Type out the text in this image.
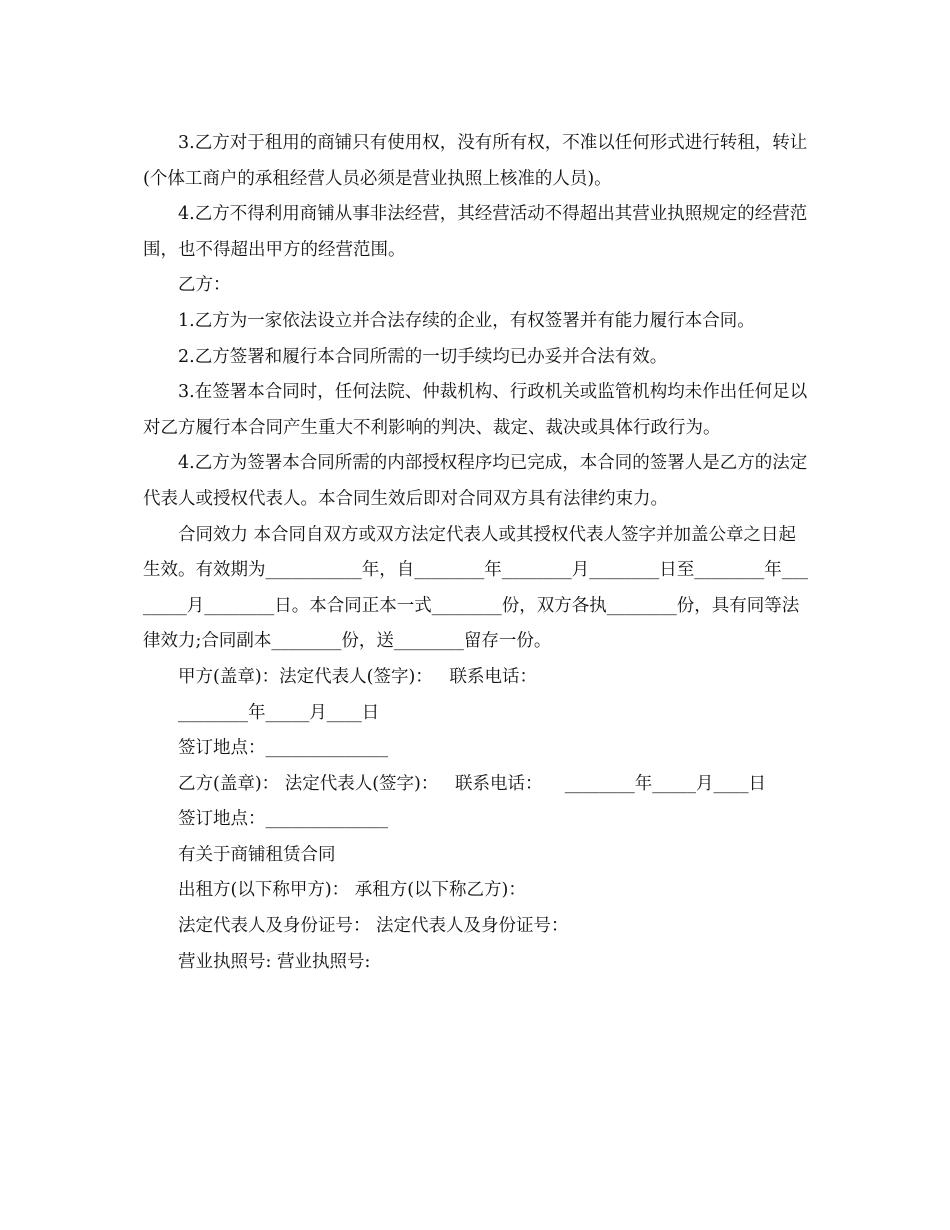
3.乙方对于租用的商铺只有使用权，没有所有权，不准以任何形式进行转租，转让(个体工商户的承租经营人员必须是营业执照上核准的人员)。

4.乙方不得利用商铺从事非法经营，其经营活动不得超出其营业执照规定的经营范围，也不得超出甲方的经营范围。

乙方：

1.乙方为一家依法设立并合法存续的企业，有权签署并有能力履行本合同。

2.乙方签署和履行本合同所需的一切手续均已办妥并合法有效。

3.在签署本合同时，任何法院、仲裁机构、行政机关或监管机构均未作出任何足以对乙方履行本合同产生重大不利影响的判决、裁定、裁决或具体行政行为。

4.乙方为签署本合同所需的内部授权程序均已完成，本合同的签署人是乙方的法定代表人或授权代表人。本合同生效后即对合同双方具有法律约束力。

合同效力 本合同自双方或双方法定代表人或其授权代表人签字并加盖公章之日起生效。有效期为___________年，自________年________月________日至________年________月________日。本合同正本一式________份，双方各执________份，具有同等法律效力;合同副本________份，送________留存一份。

甲方(盖章)：法定代表人(签字)：   联系电话：

________年_____月____日

签订地点：______________

乙方(盖章)： 法定代表人(签字)：   联系电话：    ________年_____月____日

签订地点：______________

有关于商铺租赁合同

出租方(以下称甲方)： 承租方(以下称乙方)：

法定代表人及身份证号： 法定代表人及身份证号：

营业执照号: 营业执照号:
